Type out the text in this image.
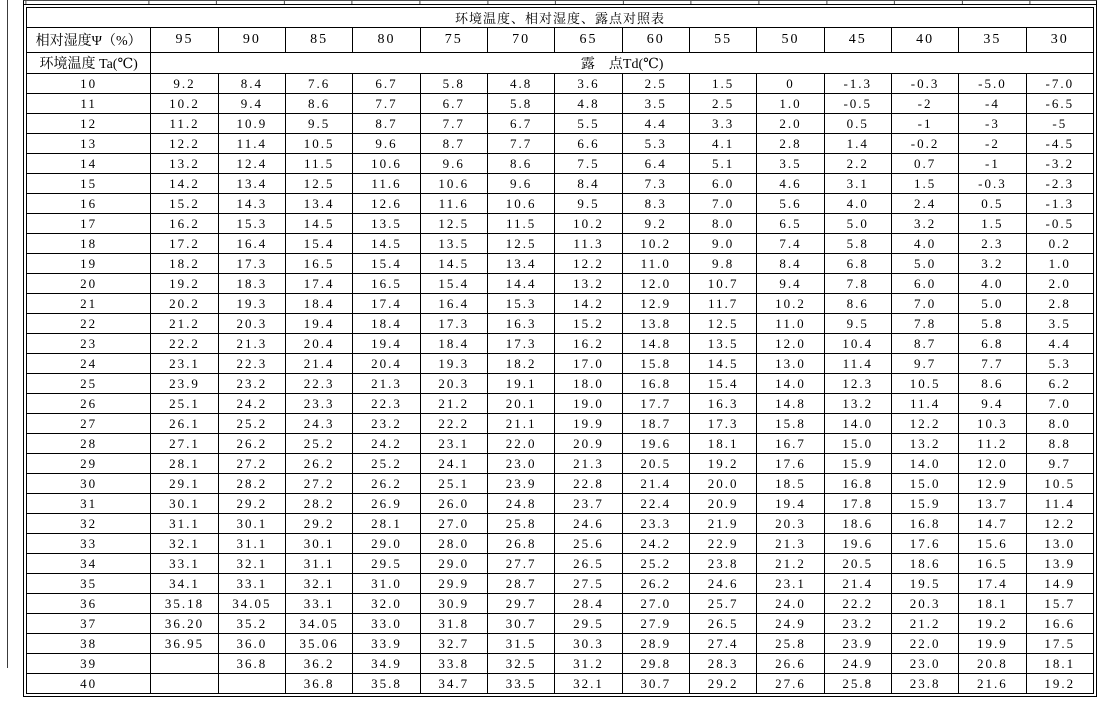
环境温度、相对湿度、露点对照表														
相对湿度Ψ（%）	95	90	85	80	75	70	65	60	55	50	45	40	35	30
环境温度 Ta(℃)	露　点Td(℃)													
10	9.2	8.4	7.6	6.7	5.8	4.8	3.6	2.5	1.5	0	-1.3	-0.3	-5.0	-7.0
11	10.2	9.4	8.6	7.7	6.7	5.8	4.8	3.5	2.5	1.0	-0.5	-2	-4	-6.5
12	11.2	10.9	9.5	8.7	7.7	6.7	5.5	4.4	3.3	2.0	0.5	-1	-3	-5
13	12.2	11.4	10.5	9.6	8.7	7.7	6.6	5.3	4.1	2.8	1.4	-0.2	-2	-4.5
14	13.2	12.4	11.5	10.6	9.6	8.6	7.5	6.4	5.1	3.5	2.2	0.7	-1	-3.2
15	14.2	13.4	12.5	11.6	10.6	9.6	8.4	7.3	6.0	4.6	3.1	1.5	-0.3	-2.3
16	15.2	14.3	13.4	12.6	11.6	10.6	9.5	8.3	7.0	5.6	4.0	2.4	0.5	-1.3
17	16.2	15.3	14.5	13.5	12.5	11.5	10.2	9.2	8.0	6.5	5.0	3.2	1.5	-0.5
18	17.2	16.4	15.4	14.5	13.5	12.5	11.3	10.2	9.0	7.4	5.8	4.0	2.3	0.2
19	18.2	17.3	16.5	15.4	14.5	13.4	12.2	11.0	9.8	8.4	6.8	5.0	3.2	1.0
20	19.2	18.3	17.4	16.5	15.4	14.4	13.2	12.0	10.7	9.4	7.8	6.0	4.0	2.0
21	20.2	19.3	18.4	17.4	16.4	15.3	14.2	12.9	11.7	10.2	8.6	7.0	5.0	2.8
22	21.2	20.3	19.4	18.4	17.3	16.3	15.2	13.8	12.5	11.0	9.5	7.8	5.8	3.5
23	22.2	21.3	20.4	19.4	18.4	17.3	16.2	14.8	13.5	12.0	10.4	8.7	6.8	4.4
24	23.1	22.3	21.4	20.4	19.3	18.2	17.0	15.8	14.5	13.0	11.4	9.7	7.7	5.3
25	23.9	23.2	22.3	21.3	20.3	19.1	18.0	16.8	15.4	14.0	12.3	10.5	8.6	6.2
26	25.1	24.2	23.3	22.3	21.2	20.1	19.0	17.7	16.3	14.8	13.2	11.4	9.4	7.0
27	26.1	25.2	24.3	23.2	22.2	21.1	19.9	18.7	17.3	15.8	14.0	12.2	10.3	8.0
28	27.1	26.2	25.2	24.2	23.1	22.0	20.9	19.6	18.1	16.7	15.0	13.2	11.2	8.8
29	28.1	27.2	26.2	25.2	24.1	23.0	21.3	20.5	19.2	17.6	15.9	14.0	12.0	9.7
30	29.1	28.2	27.2	26.2	25.1	23.9	22.8	21.4	20.0	18.5	16.8	15.0	12.9	10.5
31	30.1	29.2	28.2	26.9	26.0	24.8	23.7	22.4	20.9	19.4	17.8	15.9	13.7	11.4
32	31.1	30.1	29.2	28.1	27.0	25.8	24.6	23.3	21.9	20.3	18.6	16.8	14.7	12.2
33	32.1	31.1	30.1	29.0	28.0	26.8	25.6	24.2	22.9	21.3	19.6	17.6	15.6	13.0
34	33.1	32.1	31.1	29.5	29.0	27.7	26.5	25.2	23.8	21.2	20.5	18.6	16.5	13.9
35	34.1	33.1	32.1	31.0	29.9	28.7	27.5	26.2	24.6	23.1	21.4	19.5	17.4	14.9
36	35.18	34.05	33.1	32.0	30.9	29.7	28.4	27.0	25.7	24.0	22.2	20.3	18.1	15.7
37	36.20	35.2	34.05	33.0	31.8	30.7	29.5	27.9	26.5	24.9	23.2	21.2	19.2	16.6
38	36.95	36.0	35.06	33.9	32.7	31.5	30.3	28.9	27.4	25.8	23.9	22.0	19.9	17.5
39		36.8	36.2	34.9	33.8	32.5	31.2	29.8	28.3	26.6	24.9	23.0	20.8	18.1
40			36.8	35.8	34.7	33.5	32.1	30.7	29.2	27.6	25.8	23.8	21.6	19.2
